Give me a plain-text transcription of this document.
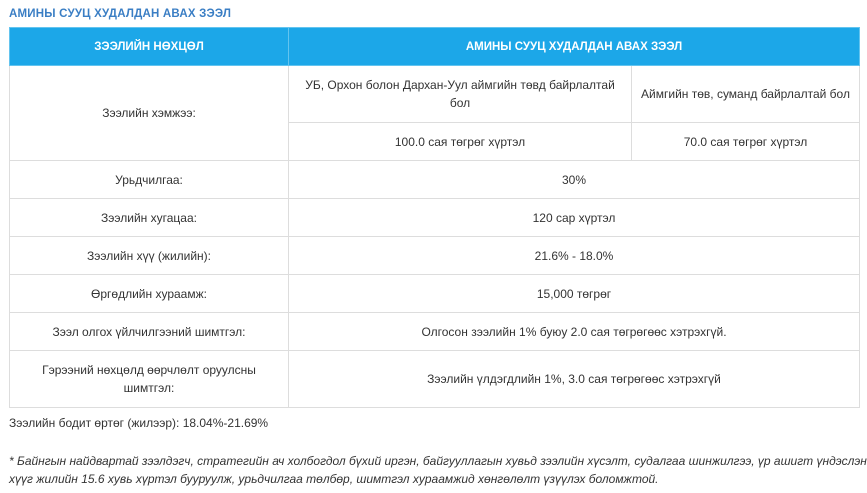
АМИНЫ СУУЦ ХУДАЛДАН АВАХ ЗЭЭЛ
ЗЭЭЛИЙН НӨХЦӨЛ	АМИНЫ СУУЦ ХУДАЛДАН АВАХ ЗЭЭЛ	
Зээлийн хэмжээ:	УБ, Орхон болон Дархан-Уул аймгийн төвд байрлалтай бол	Аймгийн төв, суманд байрлалтай бол
	100.0 сая төгрөг хүртэл	70.0 сая төгрөг хүртэл
Урьдчилгаа:	30%	
Зээлийн хугацаа:	120 сар хүртэл	
Зээлийн хүү (жилийн):	21.6% - 18.0%	
Өргөдлийн хураамж:	15,000 төгрөг	
Зээл олгох үйлчилгээний шимтгэл:	Олгосон зээлийн 1% буюу 2.0 сая төгрөгөөс хэтрэхгүй.	
Гэрээний нөхцөлд өөрчлөлт оруулсны шимтгэл:	Зээлийн үлдэгдлийн 1%, 3.0 сая төгрөгөөс хэтрэхгүй	
Зээлийн бодит өртөг (жилээр): 18.04%-21.69%
* Байнгын найдвартай зээлдэгч, стратегийн ач холбогдол бүхий иргэн, байгууллагын хувьд зээлийн хүсэлт, судалгаа шинжилгээ, үр ашигт үндэслэн
хүүг жилийн 15.6 хувь хүртэл бууруулж, урьдчилгаа төлбөр, шимтгэл хураамжид хөнгөлөлт үзүүлэх боломжтой.
